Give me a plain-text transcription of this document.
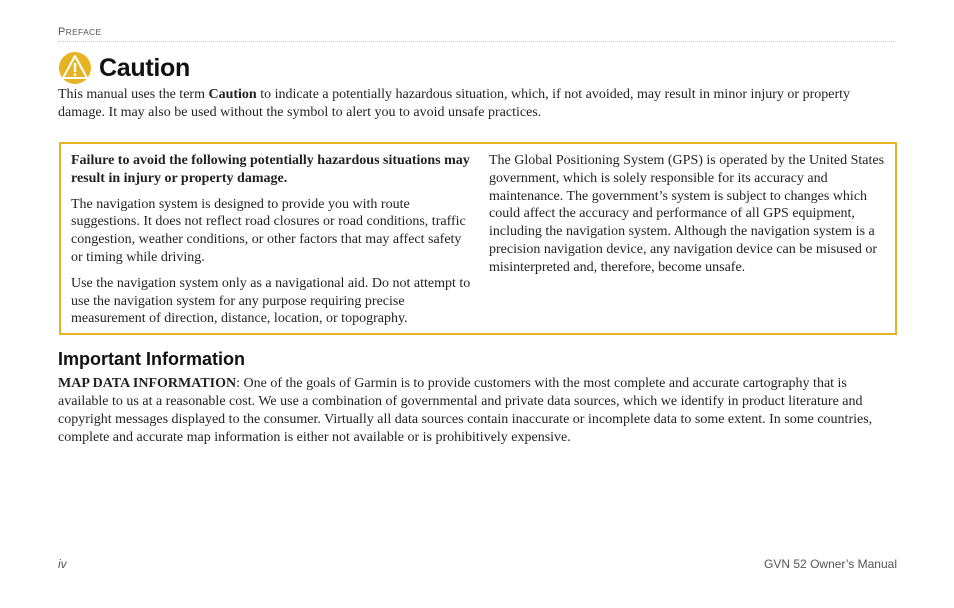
PREFACE
Caution
This manual uses the term Caution to indicate a potentially hazardous situation, which, if not avoided, may result in minor injury or property damage. It may also be used without the symbol to alert you to avoid unsafe practices.

Failure to avoid the following potentially hazardous situations may result in injury or property damage.

The navigation system is designed to provide you with route suggestions. It does not reflect road closures or road conditions, traffic congestion, weather conditions, or other factors that may affect safety or timing while driving.

Use the navigation system only as a navigational aid. Do not attempt to use the navigation system for any purpose requiring precise measurement of direction, distance, location, or topography.

The Global Positioning System (GPS) is operated by the United States government, which is solely responsible for its accuracy and maintenance. The government’s system is subject to changes which could affect the accuracy and performance of all GPS equipment, including the navigation system. Although the navigation system is a precision navigation device, any navigation device can be misused or misinterpreted and, therefore, become unsafe.

Important Information
MAP DATA INFORMATION: One of the goals of Garmin is to provide customers with the most complete and accurate cartography that is available to us at a reasonable cost. We use a combination of governmental and private data sources, which we identify in product literature and copyright messages displayed to the consumer. Virtually all data sources contain inaccurate or incomplete data to some extent. In some countries, complete and accurate map information is either not available or is prohibitively expensive.
iv	GVN 52 Owner’s Manual
